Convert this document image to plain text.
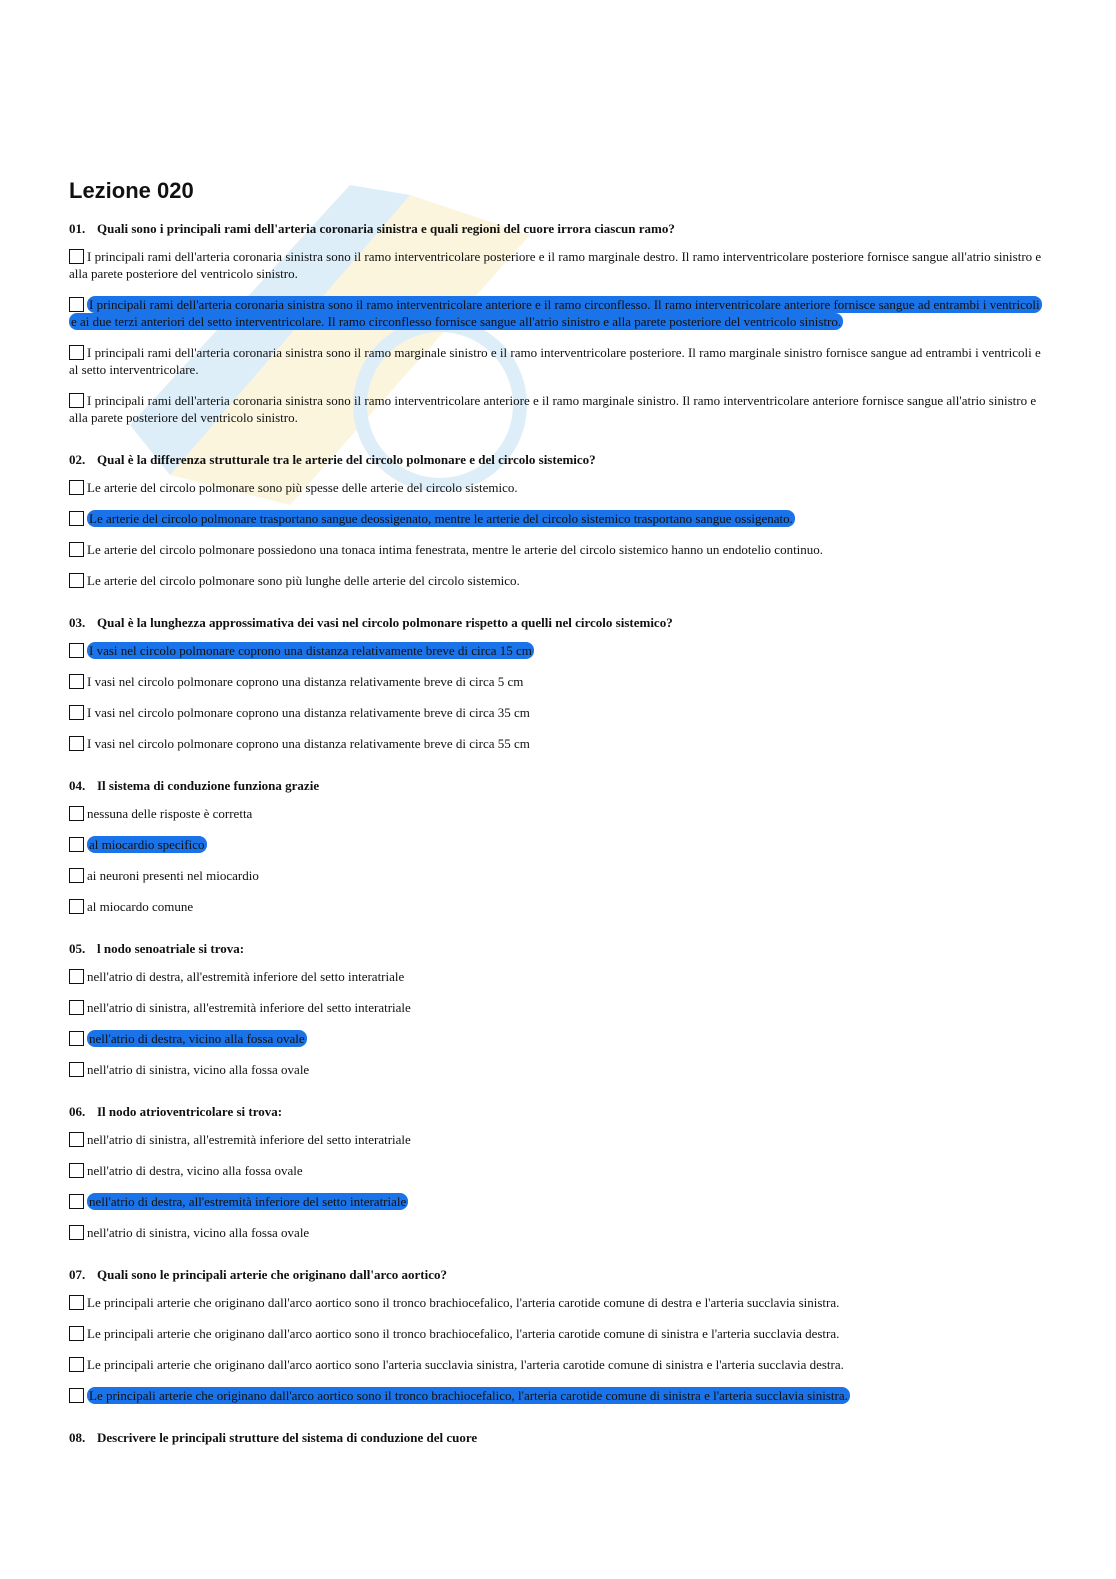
Lezione 020
01. Quali sono i principali rami dell'arteria coronaria sinistra e quali regioni del cuore irrora ciascun ramo?
I principali rami dell'arteria coronaria sinistra sono il ramo interventricolare posteriore e il ramo marginale destro. Il ramo interventricolare posteriore fornisce sangue all'atrio sinistro e alla parete posteriore del ventricolo sinistro.
I principali rami dell'arteria coronaria sinistra sono il ramo interventricolare anteriore e il ramo circonflesso. Il ramo interventricolare anteriore fornisce sangue ad entrambi i ventricoli e ai due terzi anteriori del setto interventricolare. Il ramo circonflesso fornisce sangue all'atrio sinistro e alla parete posteriore del ventricolo sinistro.
I principali rami dell'arteria coronaria sinistra sono il ramo marginale sinistro e il ramo interventricolare posteriore. Il ramo marginale sinistro fornisce sangue ad entrambi i ventricoli e al setto interventricolare.
I principali rami dell'arteria coronaria sinistra sono il ramo interventricolare anteriore e il ramo marginale sinistro. Il ramo interventricolare anteriore fornisce sangue all'atrio sinistro e alla parete posteriore del ventricolo sinistro.
02. Qual è la differenza strutturale tra le arterie del circolo polmonare e del circolo sistemico?
Le arterie del circolo polmonare sono più spesse delle arterie del circolo sistemico.
Le arterie del circolo polmonare trasportano sangue deossigenato, mentre le arterie del circolo sistemico trasportano sangue ossigenato.
Le arterie del circolo polmonare possiedono una tonaca intima fenestrata, mentre le arterie del circolo sistemico hanno un endotelio continuo.
Le arterie del circolo polmonare sono più lunghe delle arterie del circolo sistemico.
03. Qual è la lunghezza approssimativa dei vasi nel circolo polmonare rispetto a quelli nel circolo sistemico?
I vasi nel circolo polmonare coprono una distanza relativamente breve di circa 15 cm
I vasi nel circolo polmonare coprono una distanza relativamente breve di circa 5 cm
I vasi nel circolo polmonare coprono una distanza relativamente breve di circa 35 cm
I vasi nel circolo polmonare coprono una distanza relativamente breve di circa 55 cm
04. Il sistema di conduzione funziona grazie
nessuna delle risposte è corretta
al miocardio specifico
ai neuroni presenti nel miocardio
al miocardo comune
05. l nodo senoatriale si trova:
nell'atrio di destra, all'estremità inferiore del setto interatriale
nell'atrio di sinistra, all'estremità inferiore del setto interatriale
nell'atrio di destra, vicino alla fossa ovale
nell'atrio di sinistra, vicino alla fossa ovale
06. Il nodo atrioventricolare si trova:
nell'atrio di sinistra, all'estremità inferiore del setto interatriale
nell'atrio di destra, vicino alla fossa ovale
nell'atrio di destra, all'estremità inferiore del setto interatriale
nell'atrio di sinistra, vicino alla fossa ovale
07. Quali sono le principali arterie che originano dall'arco aortico?
Le principali arterie che originano dall'arco aortico sono il tronco brachiocefalico, l'arteria carotide comune di destra e l'arteria succlavia sinistra.
Le principali arterie che originano dall'arco aortico sono il tronco brachiocefalico, l'arteria carotide comune di sinistra e l'arteria succlavia destra.
Le principali arterie che originano dall'arco aortico sono l'arteria succlavia sinistra, l'arteria carotide comune di sinistra e l'arteria succlavia destra.
Le principali arterie che originano dall'arco aortico sono il tronco brachiocefalico, l'arteria carotide comune di sinistra e l'arteria succlavia sinistra.
08. Descrivere le principali strutture del sistema di conduzione del cuore
